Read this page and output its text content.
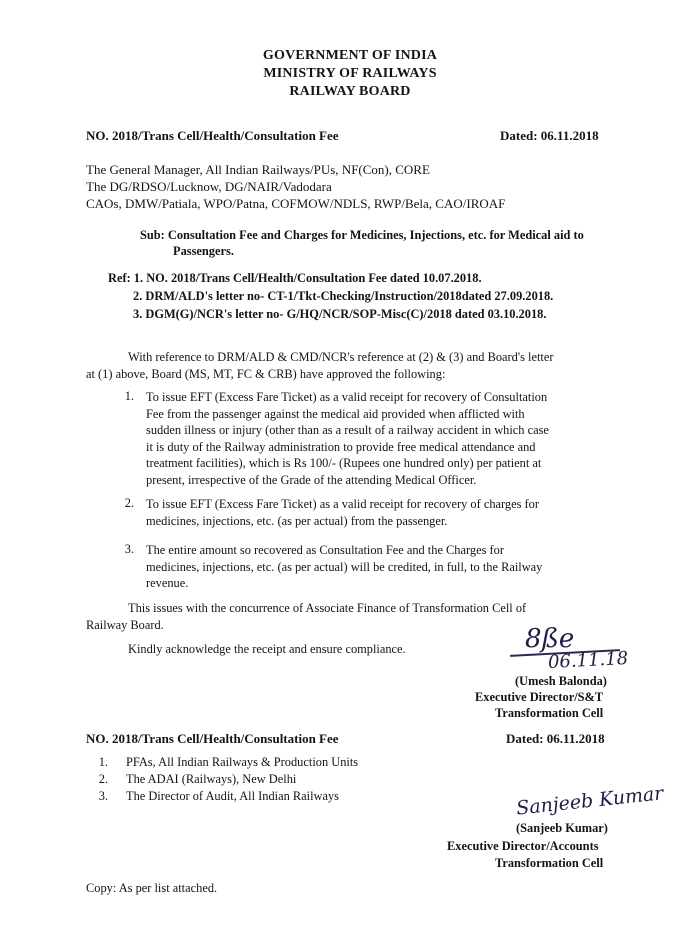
GOVERNMENT OF INDIA
MINISTRY OF RAILWAYS
RAILWAY BOARD
NO. 2018/Trans Cell/Health/Consultation Fee	Dated: 06.11.2018
The General Manager, All Indian Railways/PUs, NF(Con), CORE
The DG/RDSO/Lucknow, DG/NAIR/Vadodara
CAOs, DMW/Patiala, WPO/Patna, COFMOW/NDLS, RWP/Bela, CAO/IROAF
Sub: Consultation Fee and Charges for Medicines, Injections, etc. for Medical aid to
Passengers.
Ref: 1. NO. 2018/Trans Cell/Health/Consultation Fee dated 10.07.2018.
2. DRM/ALD's letter no- CT-1/Tkt-Checking/Instruction/2018dated 27.09.2018.
3. DGM(G)/NCR's letter no- G/HQ/NCR/SOP-Misc(C)/2018 dated 03.10.2018.
With reference to DRM/ALD & CMD/NCR's reference at (2) & (3) and Board's letter
at (1) above, Board (MS, MT, FC & CRB) have approved the following:
1. To issue EFT (Excess Fare Ticket) as a valid receipt for recovery of Consultation
Fee from the passenger against the medical aid provided when afflicted with
sudden illness or injury (other than as a result of a railway accident in which case
it is duty of the Railway administration to provide free medical attendance and
treatment facilities), which is Rs 100/- (Rupees one hundred only) per patient at
present, irrespective of the Grade of the attending Medical Officer.
2. To issue EFT (Excess Fare Ticket) as a valid receipt for recovery of charges for
medicines, injections, etc. (as per actual) from the passenger.
3. The entire amount so recovered as Consultation Fee and the Charges for
medicines, injections, etc. (as per actual) will be credited, in full, to the Railway
revenue.
This issues with the concurrence of Associate Finance of Transformation Cell of
Railway Board.
Kindly acknowledge the receipt and ensure compliance.	8ße
06.11.18
(Umesh Balonda)
Executive Director/S&T
Transformation Cell
NO. 2018/Trans Cell/Health/Consultation Fee	Dated: 06.11.2018
1. PFAs, All Indian Railways & Production Units
2. The ADAI (Railways), New Delhi
3. The Director of Audit, All Indian Railways	Sanjeeb Kumar
(Sanjeeb Kumar)
Executive Director/Accounts
Transformation Cell
Copy: As per list attached.
